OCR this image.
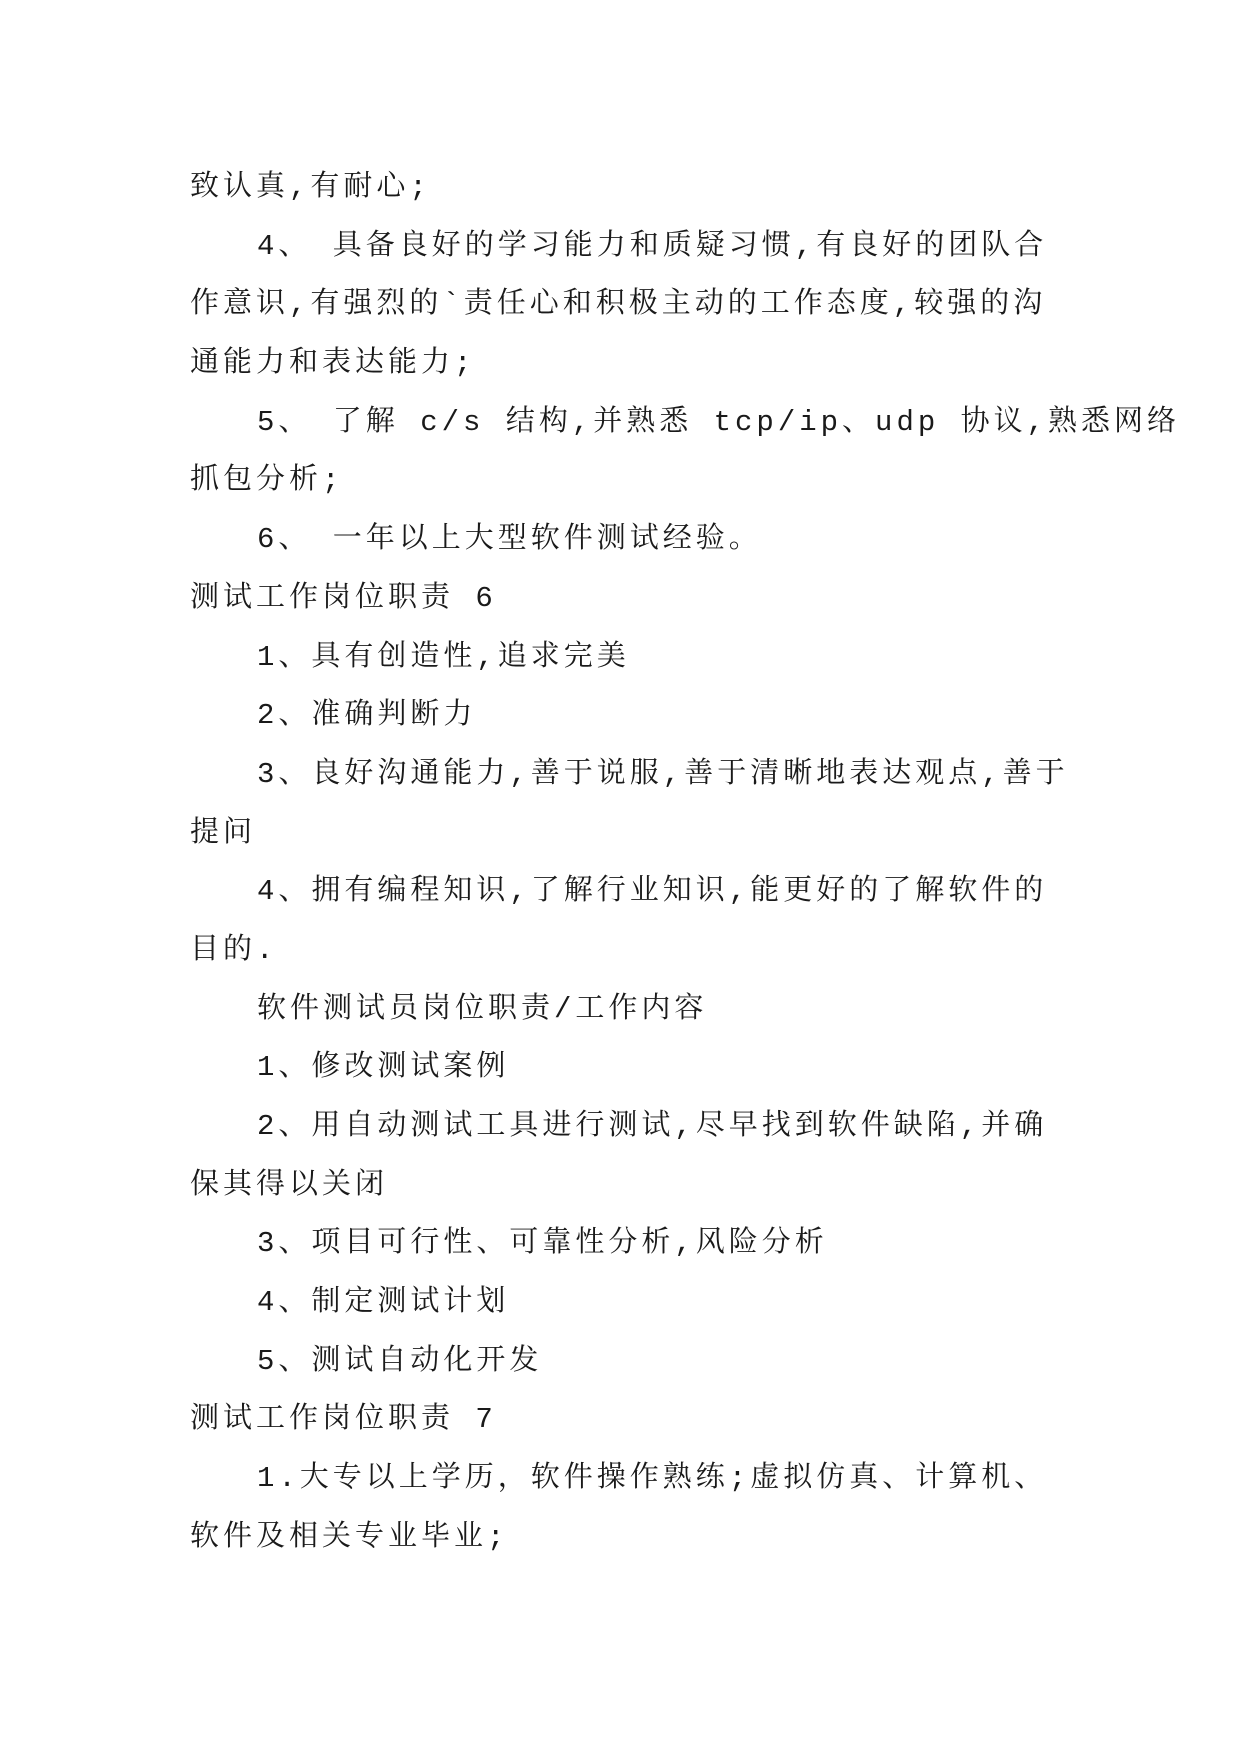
致认真,有耐心;

4、 具备良好的学习能力和质疑习惯,有良好的团队合
作意识,有强烈的`责任心和积极主动的工作态度,较强的沟
通能力和表达能力;

5、 了解 c/s 结构,并熟悉 tcp/ip、udp 协议,熟悉网络
抓包分析;

6、 一年以上大型软件测试经验。

测试工作岗位职责 6

1、具有创造性,追求完美

2、准确判断力

3、良好沟通能力,善于说服,善于清晰地表达观点,善于
提问

4、拥有编程知识,了解行业知识,能更好的了解软件的
目的.

软件测试员岗位职责/工作内容

1、修改测试案例

2、用自动测试工具进行测试,尽早找到软件缺陷,并确
保其得以关闭

3、项目可行性、可靠性分析,风险分析

4、制定测试计划

5、测试自动化开发

测试工作岗位职责 7

1.大专以上学历，软件操作熟练;虚拟仿真、计算机、
软件及相关专业毕业;
